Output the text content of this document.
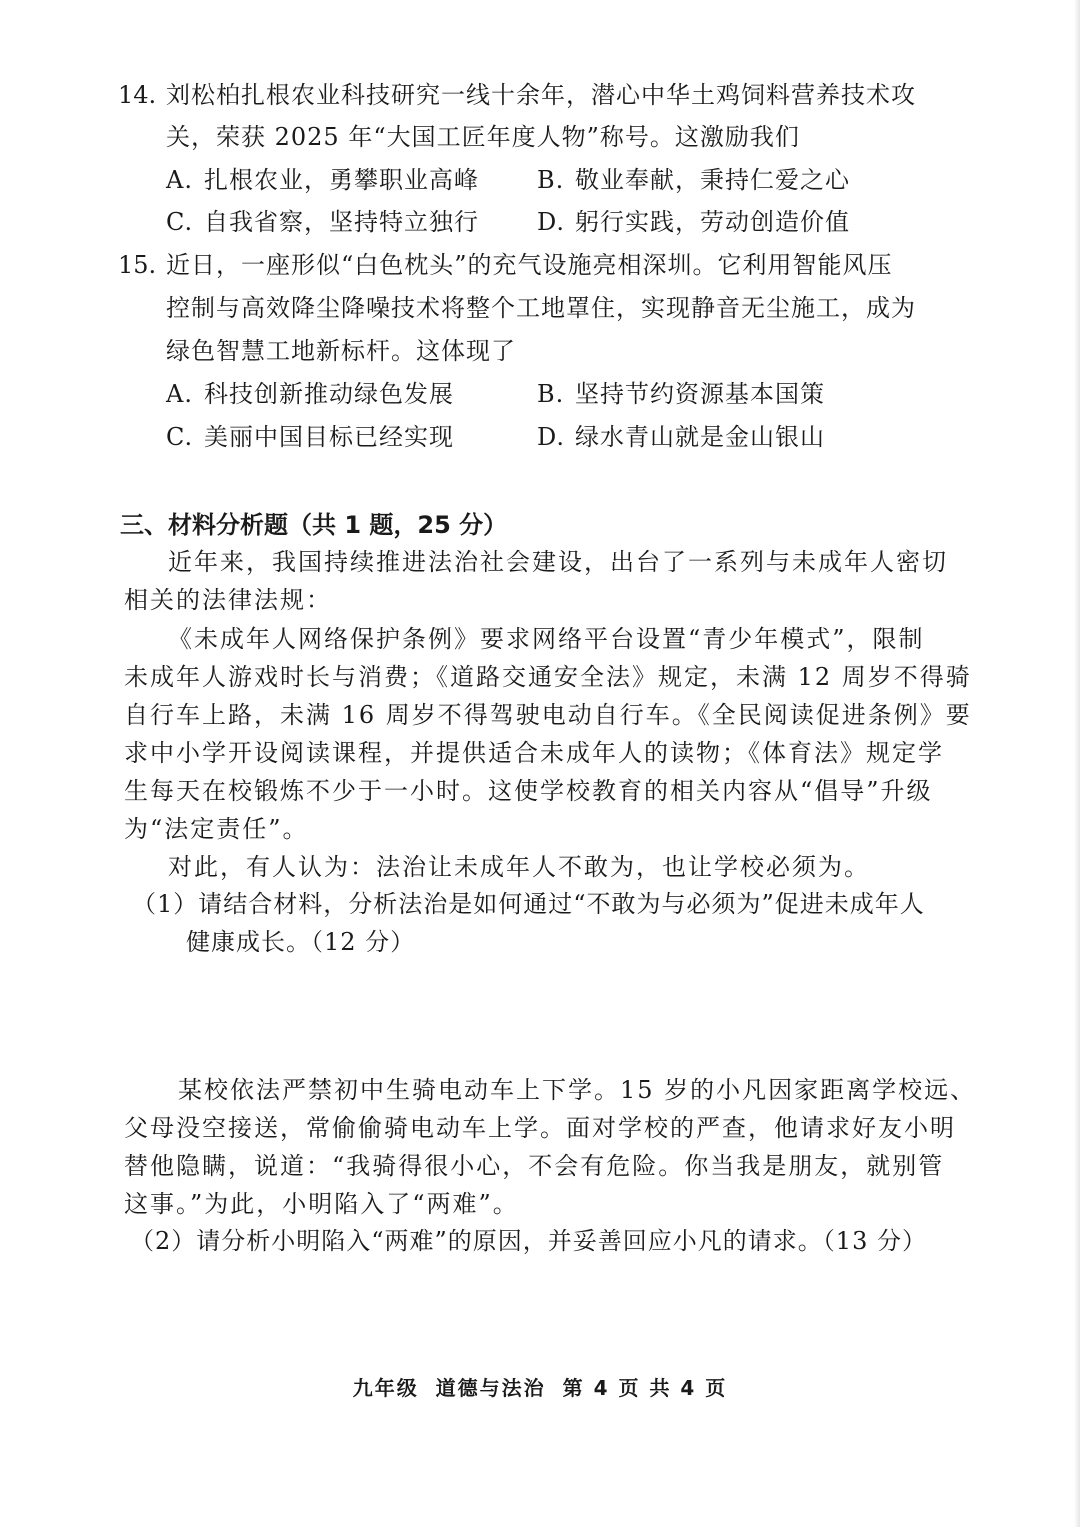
14. 刘松柏扎根农业科技研究一线十余年，潜心中华土鸡饲料营养技术攻
关，荣获 2025 年“大国工匠年度人物”称号。这激励我们
A. 扎根农业，勇攀职业高峰 B. 敬业奉献，秉持仁爱之心
C. 自我省察，坚持特立独行 D. 躬行实践，劳动创造价值
15. 近日，一座形似“白色枕头”的充气设施亮相深圳。它利用智能风压
控制与高效降尘降噪技术将整个工地罩住，实现静音无尘施工，成为
绿色智慧工地新标杆。这体现了
A. 科技创新推动绿色发展	B. 坚持节约资源基本国策
C. 美丽中国目标已经实现	D. 绿水青山就是金山银山
三、材料分析题（共 1 题，25 分）
近年来，我国持续推进法治社会建设，出台了一系列与未成年人密切
相关的法律法规：
《未成年人网络保护条例》要求网络平台设置“青少年模式”，限制
未成年人游戏时长与消费；《道路交通安全法》规定，未满 12 周岁不得骑
自行车上路，未满 16 周岁不得驾驶电动自行车。《全民阅读促进条例》要
求中小学开设阅读课程，并提供适合未成年人的读物；《体育法》规定学
生每天在校锻炼不少于一小时。这使学校教育的相关内容从“倡导”升级
为“法定责任”。
对此，有人认为：法治让未成年人不敢为，也让学校必须为。
（1）请结合材料，分析法治是如何通过“不敢为与必须为”促进未成年人
健康成长。（12 分）
某校依法严禁初中生骑电动车上下学。15 岁的小凡因家距离学校远、
父母没空接送，常偷偷骑电动车上学。面对学校的严查，他请求好友小明
替他隐瞒，说道：“我骑得很小心，不会有危险。你当我是朋友，就别管
这事。”为此，小明陷入了“两难”。
（2）请分析小明陷入“两难”的原因，并妥善回应小凡的请求。（13 分）
九年级 道德与法治 第 4 页 共 4 页
